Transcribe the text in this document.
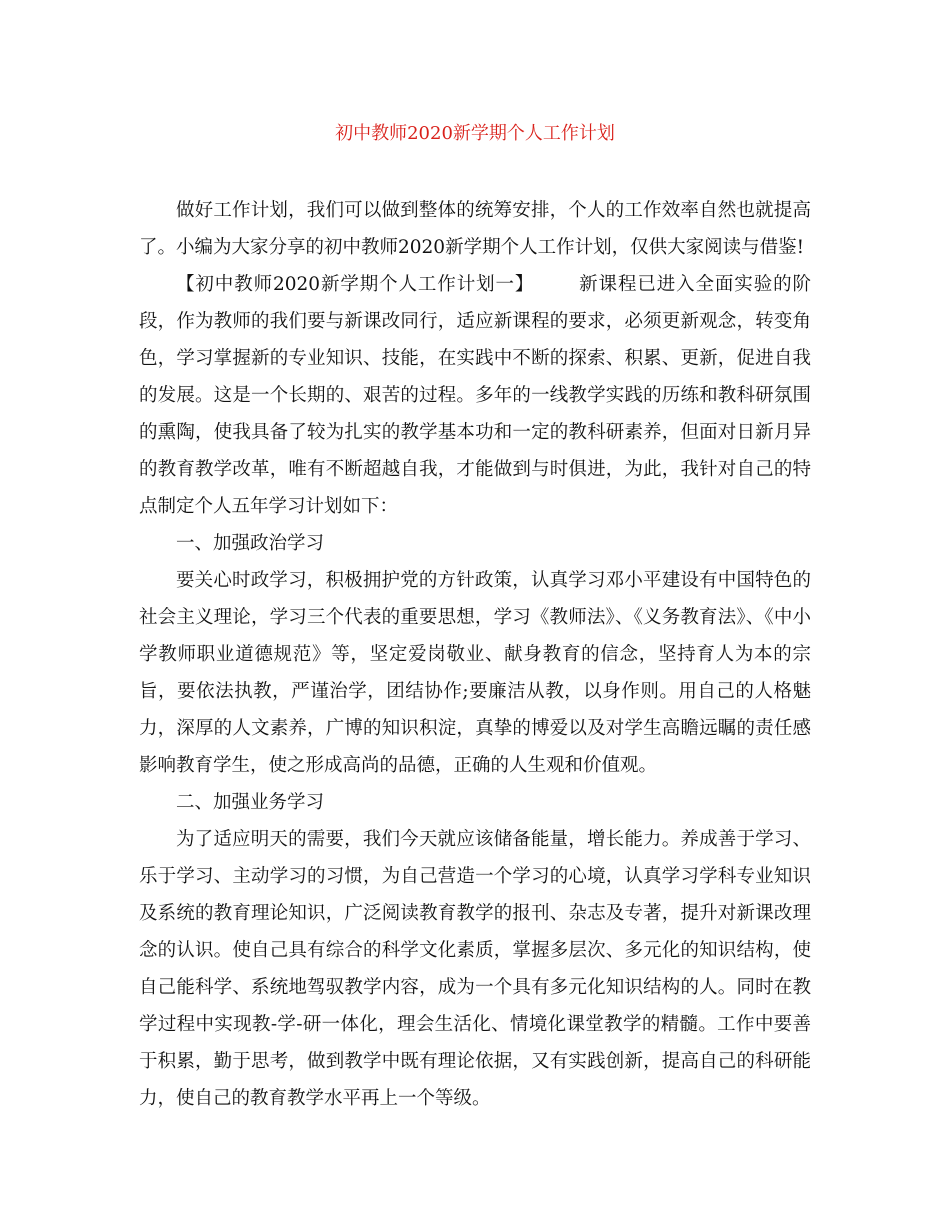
初中教师2020新学期个人工作计划

做好工作计划，我们可以做到整体的统筹安排，个人的工作效率自然也就提高了。小编为大家分享的初中教师2020新学期个人工作计划，仅供大家阅读与借鉴!

【初中教师2020新学期个人工作计划一】 新课程已进入全面实验的阶段，作为教师的我们要与新课改同行，适应新课程的要求，必须更新观念，转变角色，学习掌握新的专业知识、技能，在实践中不断的探索、积累、更新，促进自我的发展。这是一个长期的、艰苦的过程。多年的一线教学实践的历练和教科研氛围的熏陶，使我具备了较为扎实的教学基本功和一定的教科研素养，但面对日新月异的教育教学改革，唯有不断超越自我，才能做到与时俱进，为此，我针对自己的特点制定个人五年学习计划如下：

一、加强政治学习

要关心时政学习，积极拥护党的方针政策，认真学习邓小平建设有中国特色的社会主义理论，学习三个代表的重要思想，学习《教师法》、《义务教育法》、《中小学教师职业道德规范》等，坚定爱岗敬业、献身教育的信念，坚持育人为本的宗旨，要依法执教，严谨治学，团结协作;要廉洁从教，以身作则。用自己的人格魅力，深厚的人文素养，广博的知识积淀，真挚的博爱以及对学生高瞻远瞩的责任感影响教育学生，使之形成高尚的品德，正确的人生观和价值观。

二、加强业务学习

为了适应明天的需要，我们今天就应该储备能量，增长能力。养成善于学习、乐于学习、主动学习的习惯，为自己营造一个学习的心境，认真学习学科专业知识及系统的教育理论知识，广泛阅读教育教学的报刊、杂志及专著，提升对新课改理念的认识。使自己具有综合的科学文化素质，掌握多层次、多元化的知识结构，使自己能科学、系统地驾驭教学内容，成为一个具有多元化知识结构的人。同时在教学过程中实现教-学-研一体化，理会生活化、情境化课堂教学的精髓。工作中要善于积累，勤于思考，做到教学中既有理论依据，又有实践创新，提高自己的科研能力，使自己的教育教学水平再上一个等级。
